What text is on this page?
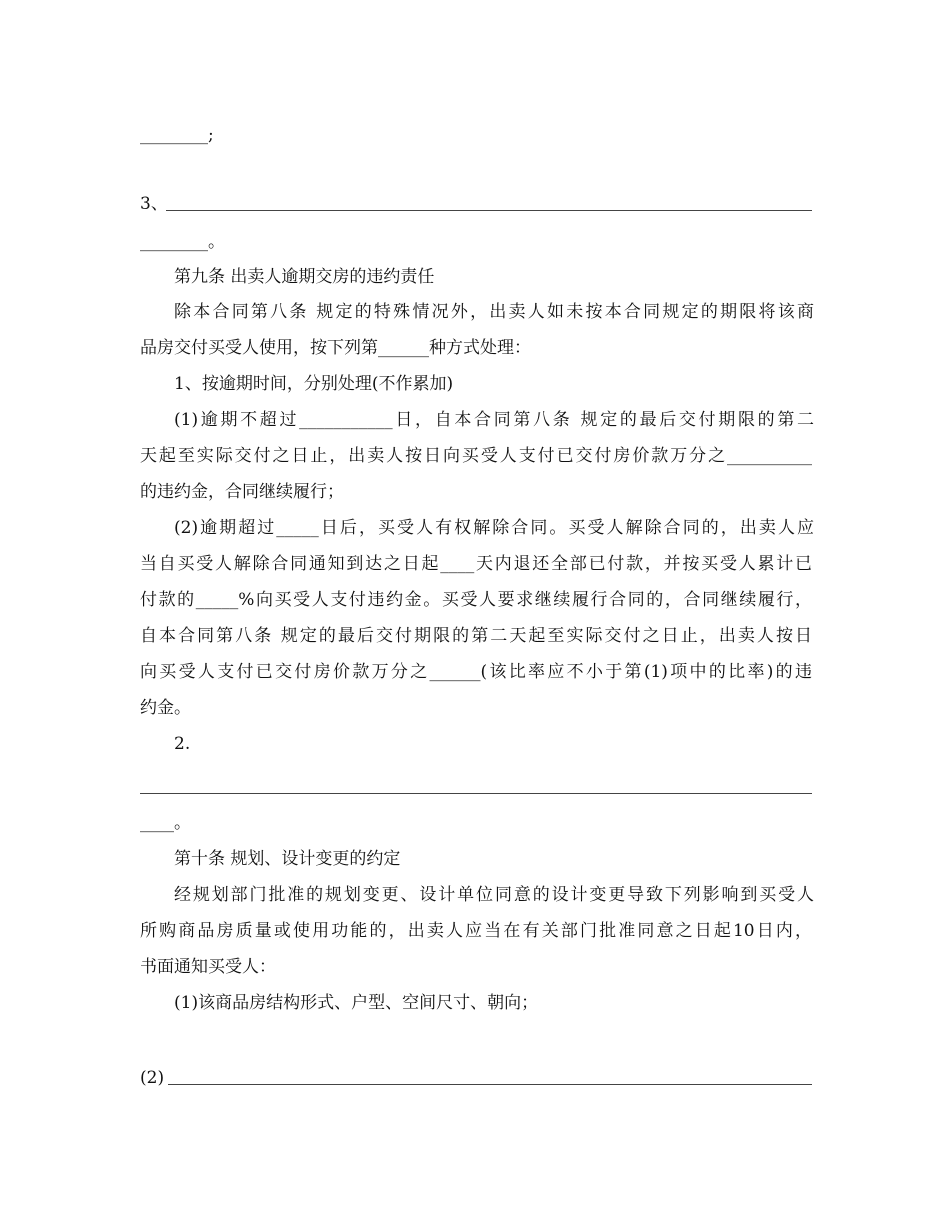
________;
3、
________。
第九条 出卖人逾期交房的违约责任
除本合同第八条 规定的特殊情况外，出卖人如未按本合同规定的期限将该商
品房交付买受人使用，按下列第______种方式处理：
1、按逾期时间，分别处理(不作累加)
(1)逾期不超过___________日，自本合同第八条 规定的最后交付期限的第二
天起至实际交付之日止，出卖人按日向买受人支付已交付房价款万分之__________
的违约金，合同继续履行；
(2)逾期超过_____日后，买受人有权解除合同。买受人解除合同的，出卖人应
当自买受人解除合同通知到达之日起____天内退还全部已付款，并按买受人累计已
付款的_____%向买受人支付违约金。买受人要求继续履行合同的，合同继续履行，
自本合同第八条 规定的最后交付期限的第二天起至实际交付之日止，出卖人按日
向买受人支付已交付房价款万分之______(该比率应不小于第(1)项中的比率)的违
约金。
2.
____。
第十条 规划、设计变更的约定
经规划部门批准的规划变更、设计单位同意的设计变更导致下列影响到买受人
所购商品房质量或使用功能的，出卖人应当在有关部门批准同意之日起10日内，
书面通知买受人：
(1)该商品房结构形式、户型、空间尺寸、朝向；
(2)
